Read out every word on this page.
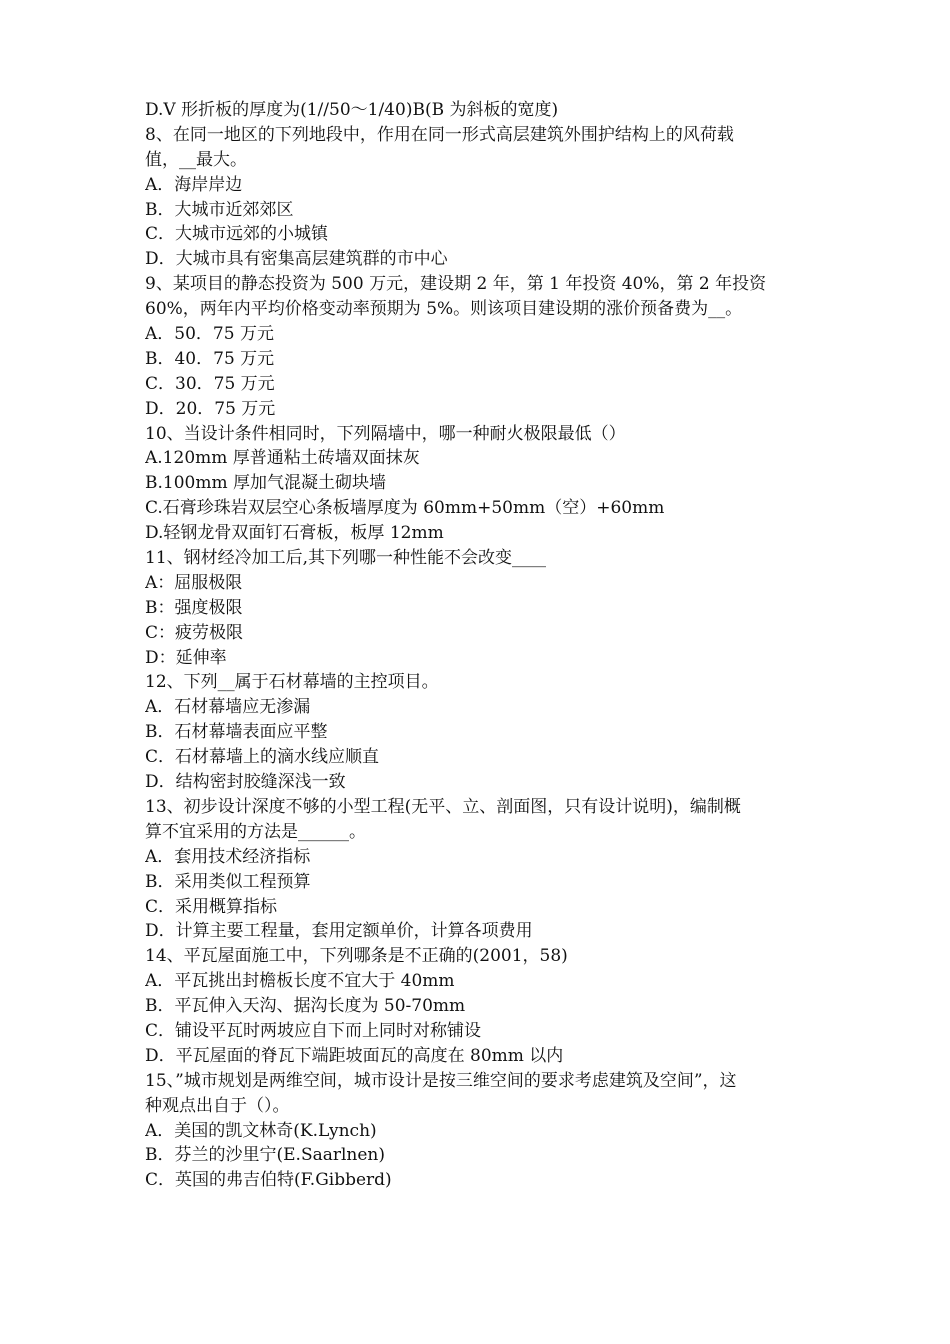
D.V 形折板的厚度为(1//50～1/40)B(B 为斜板的宽度)
8、在同一地区的下列地段中，作用在同一形式高层建筑外围护结构上的风荷载
值，__最大。
A．海岸岸边
B．大城市近郊郊区
C．大城市远郊的小城镇
D．大城市具有密集高层建筑群的市中心
9、某项目的静态投资为 500 万元，建设期 2 年，第 1 年投资 40%，第 2 年投资
60%，两年内平均价格变动率预期为 5%。则该项目建设期的涨价预备费为__。
A．50．75 万元
B．40．75 万元
C．30．75 万元
D．20．75 万元
10、当设计条件相同时，下列隔墙中，哪一种耐火极限最低（）
A.120mm 厚普通粘土砖墙双面抹灰
B.100mm 厚加气混凝土砌块墙
C.石膏珍珠岩双层空心条板墙厚度为 60mm+50mm（空）+60mm
D.轻钢龙骨双面钉石膏板，板厚 12mm
11、钢材经冷加工后,其下列哪一种性能不会改变____
A：屈服极限
B：强度极限
C：疲劳极限
D：延伸率
12、下列__属于石材幕墙的主控项目。
A．石材幕墙应无渗漏
B．石材幕墙表面应平整
C．石材幕墙上的滴水线应顺直
D．结构密封胶缝深浅一致
13、初步设计深度不够的小型工程(无平、立、剖面图，只有设计说明)，编制概
算不宜采用的方法是______。
A．套用技术经济指标
B．采用类似工程预算
C．采用概算指标
D．计算主要工程量，套用定额单价，计算各项费用
14、平瓦屋面施工中，下列哪条是不正确的(2001，58)
A．平瓦挑出封檐板长度不宜大于 40mm
B．平瓦伸入天沟、据沟长度为 50-70mm
C．铺设平瓦时两坡应自下而上同时对称铺设
D．平瓦屋面的脊瓦下端距坡面瓦的高度在 80mm 以内
15、”城市规划是两维空间，城市设计是按三维空间的要求考虑建筑及空间”，这
种观点出自于（）。
A．美国的凯文林奇(K.Lynch)
B．芬兰的沙里宁(E.Saarlnen)
C．英国的弗吉伯特(F.Gibberd)
